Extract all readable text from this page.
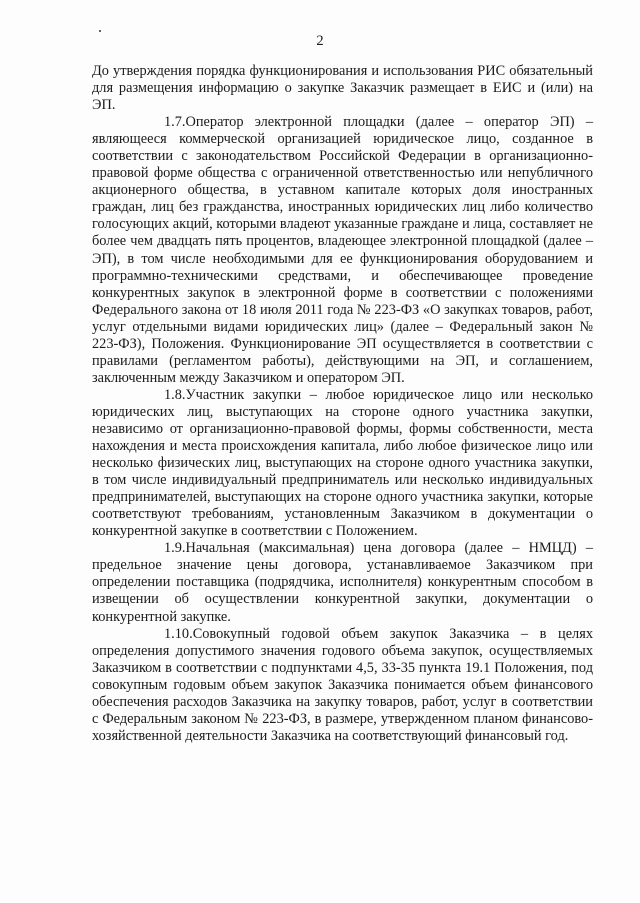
2

До утверждения порядка функционирования и использования РИС обязательный для размещения информацию о закупке Заказчик размещает в ЕИС и (или) на ЭП.

1.7.Оператор электронной площадки (далее – оператор ЭП) – являющееся коммерческой организацией юридическое лицо, созданное в соответствии с законодательством Российской Федерации в организационно-правовой форме общества с ограниченной ответственностью или непубличного акционерного общества, в уставном капитале которых доля иностранных граждан, лиц без гражданства, иностранных юридических лиц либо количество голосующих акций, которыми владеют указанные граждане и лица, составляет не более чем двадцать пять процентов, владеющее электронной площадкой (далее – ЭП), в том числе необходимыми для ее функционирования оборудованием и программно-техническими средствами, и обеспечивающее проведение конкурентных закупок в электронной форме в соответствии с положениями Федерального закона от 18 июля 2011 года № 223-ФЗ «О закупках товаров, работ, услуг отдельными видами юридических лиц» (далее – Федеральный закон № 223-ФЗ), Положения. Функционирование ЭП осуществляется в соответствии с правилами (регламентом работы), действующими на ЭП, и соглашением, заключенным между Заказчиком и оператором ЭП.

1.8.Участник закупки – любое юридическое лицо или несколько юридических лиц, выступающих на стороне одного участника закупки, независимо от организационно-правовой формы, формы собственности, места нахождения и места происхождения капитала, либо любое физическое лицо или несколько физических лиц, выступающих на стороне одного участника закупки, в том числе индивидуальный предприниматель или несколько индивидуальных предпринимателей, выступающих на стороне одного участника закупки, которые соответствуют требованиям, установленным Заказчиком в документации о конкурентной закупке в соответствии с Положением.

1.9.Начальная (максимальная) цена договора (далее – НМЦД) – предельное значение цены договора, устанавливаемое Заказчиком при определении поставщика (подрядчика, исполнителя) конкурентным способом в извещении об осуществлении конкурентной закупки, документации о конкурентной закупке.

1.10.Совокупный годовой объем закупок Заказчика – в целях определения допустимого значения годового объема закупок, осуществляемых Заказчиком в соответствии с подпунктами 4,5, 33-35 пункта 19.1 Положения, под совокупным годовым объем закупок Заказчика понимается объем финансового обеспечения расходов Заказчика на закупку товаров, работ, услуг в соответствии с Федеральным законом № 223-ФЗ, в размере, утвержденном планом финансово-хозяйственной деятельности Заказчика на соответствующий финансовый год.
